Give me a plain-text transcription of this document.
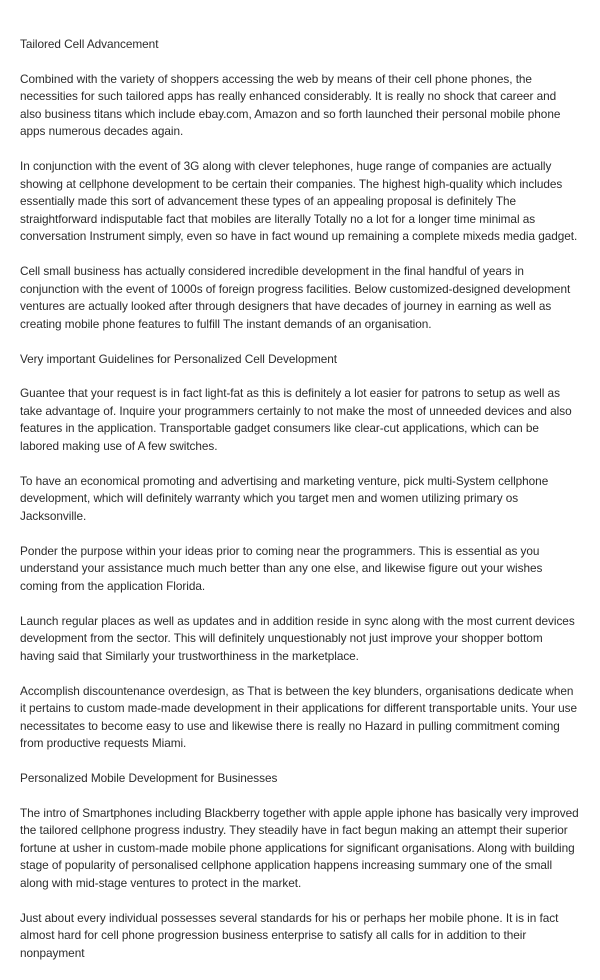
Tailored Cell Advancement

Combined with the variety of shoppers accessing the web by means of their cell phone phones, the necessities for such tailored apps has really enhanced considerably. It is really no shock that career and also business titans which include ebay.com, Amazon and so forth launched their personal mobile phone apps numerous decades again.

In conjunction with the event of 3G along with clever telephones, huge range of companies are actually showing at cellphone development to be certain their companies. The highest high-quality which includes essentially made this sort of advancement these types of an appealing proposal is definitely The straightforward indisputable fact that mobiles are literally Totally no a lot for a longer time minimal as conversation Instrument simply, even so have in fact wound up remaining a complete mixeds media gadget.

Cell small business has actually considered incredible development in the final handful of years in conjunction with the event of 1000s of foreign progress facilities. Below customized-designed development ventures are actually looked after through designers that have decades of journey in earning as well as creating mobile phone features to fulfill The instant demands of an organisation.

Very important Guidelines for Personalized Cell Development

Guantee that your request is in fact light-fat as this is definitely a lot easier for patrons to setup as well as take advantage of. Inquire your programmers certainly to not make the most of unneeded devices and also features in the application. Transportable gadget consumers like clear-cut applications, which can be labored making use of A few switches.

To have an economical promoting and advertising and marketing venture, pick multi-System cellphone development, which will definitely warranty which you target men and women utilizing primary os Jacksonville.

Ponder the purpose within your ideas prior to coming near the programmers. This is essential as you understand your assistance much much better than any one else, and likewise figure out your wishes coming from the application Florida.

Launch regular places as well as updates and in addition reside in sync along with the most current devices development from the sector. This will definitely unquestionably not just improve your shopper bottom having said that Similarly your trustworthiness in the marketplace.

Accomplish discountenance overdesign, as That is between the key blunders, organisations dedicate when it pertains to custom made-made development in their applications for different transportable units. Your use necessitates to become easy to use and likewise there is really no Hazard in pulling commitment coming from productive requests Miami.

Personalized Mobile Development for Businesses

The intro of Smartphones including Blackberry together with apple apple iphone has basically very improved the tailored cellphone progress industry. They steadily have in fact begun making an attempt their superior fortune at usher in custom-made mobile phone applications for significant organisations. Along with building stage of popularity of personalised cellphone application happens increasing summary one of the small along with mid-stage ventures to protect in the market.

Just about every individual possesses several standards for his or perhaps her mobile phone. It is in fact almost hard for cell phone progression business enterprise to satisfy all calls for in addition to their nonpayment
